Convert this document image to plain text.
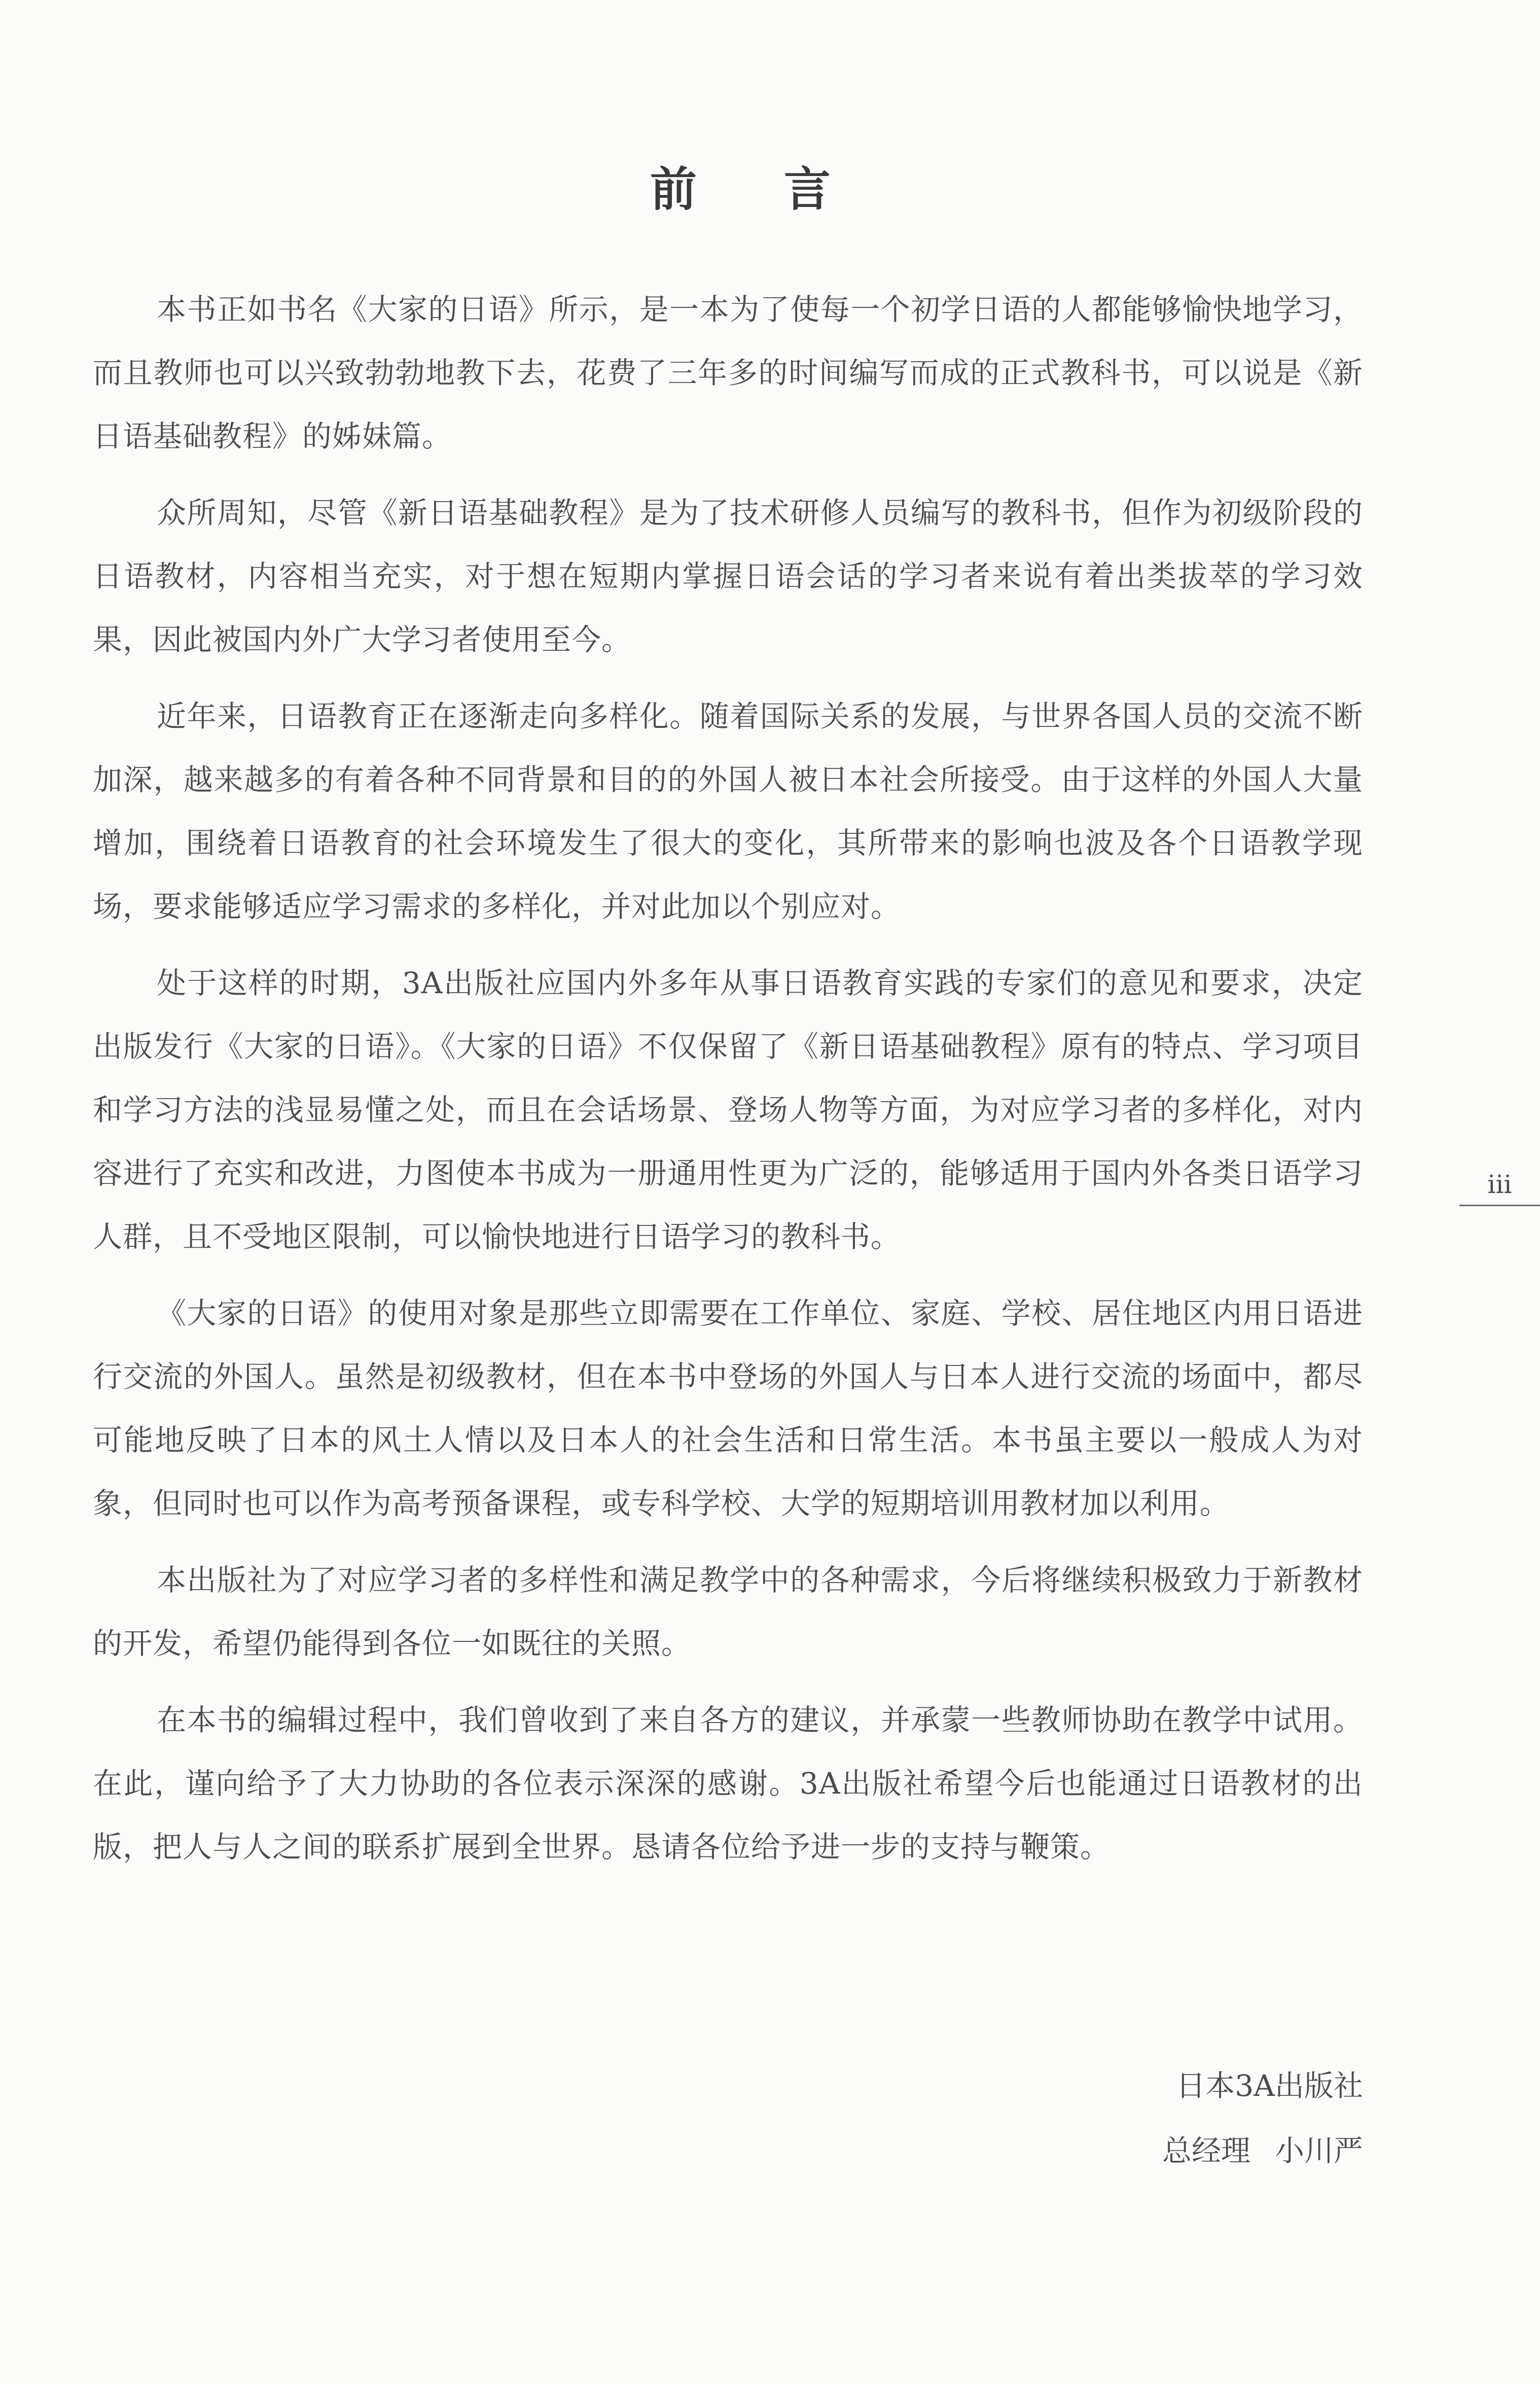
前 言

本书正如书名《大家的日语》所示，是一本为了使每一个初学日语的人都能够愉快地学习，而且教师也可以兴致勃勃地教下去，花费了三年多的时间编写而成的正式教科书，可以说是《新日语基础教程》的姊妹篇。

众所周知，尽管《新日语基础教程》是为了技术研修人员编写的教科书，但作为初级阶段的日语教材，内容相当充实，对于想在短期内掌握日语会话的学习者来说有着出类拔萃的学习效果，因此被国内外广大学习者使用至今。

近年来，日语教育正在逐渐走向多样化。随着国际关系的发展，与世界各国人员的交流不断加深，越来越多的有着各种不同背景和目的的外国人被日本社会所接受。由于这样的外国人大量增加，围绕着日语教育的社会环境发生了很大的变化，其所带来的影响也波及各个日语教学现场，要求能够适应学习需求的多样化，并对此加以个别应对。

处于这样的时期，3A出版社应国内外多年从事日语教育实践的专家们的意见和要求，决定出版发行《大家的日语》。《大家的日语》不仅保留了《新日语基础教程》原有的特点、学习项目和学习方法的浅显易懂之处，而且在会话场景、登场人物等方面，为对应学习者的多样化，对内容进行了充实和改进，力图使本书成为一册通用性更为广泛的，能够适用于国内外各类日语学习人群，且不受地区限制，可以愉快地进行日语学习的教科书。

《大家的日语》的使用对象是那些立即需要在工作单位、家庭、学校、居住地区内用日语进行交流的外国人。虽然是初级教材，但在本书中登场的外国人与日本人进行交流的场面中，都尽可能地反映了日本的风土人情以及日本人的社会生活和日常生活。本书虽主要以一般成人为对象，但同时也可以作为高考预备课程，或专科学校、大学的短期培训用教材加以利用。

本出版社为了对应学习者的多样性和满足教学中的各种需求，今后将继续积极致力于新教材的开发，希望仍能得到各位一如既往的关照。

在本书的编辑过程中，我们曾收到了来自各方的建议，并承蒙一些教师协助在教学中试用。在此，谨向给予了大力协助的各位表示深深的感谢。3A出版社希望今后也能通过日语教材的出版，把人与人之间的联系扩展到全世界。恳请各位给予进一步的支持与鞭策。

日本3A出版社

总经理 小川严

iii
